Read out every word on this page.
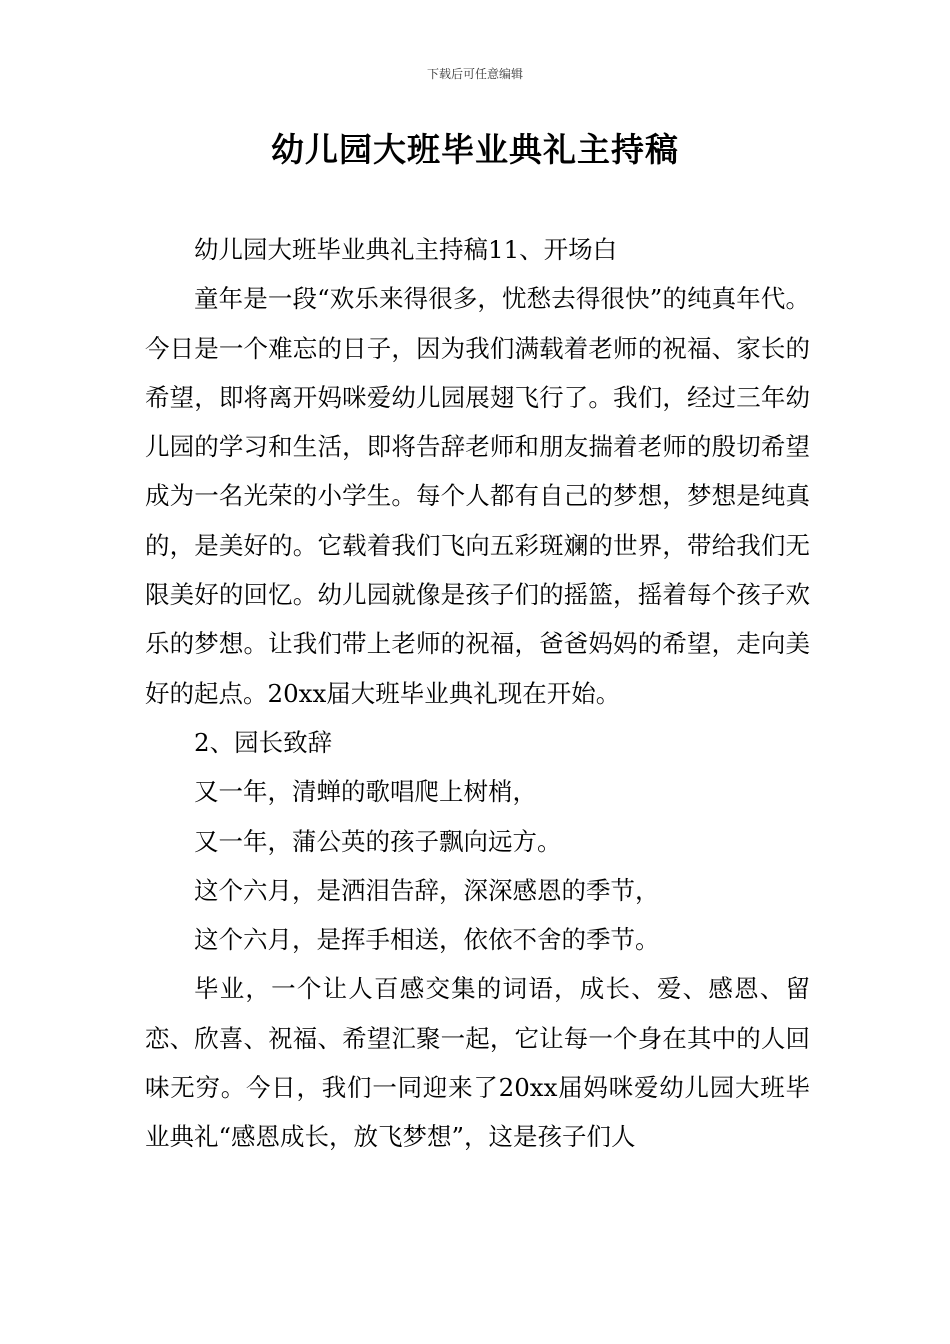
下载后可任意编辑
幼儿园大班毕业典礼主持稿

幼儿园大班毕业典礼主持稿11、开场白

童年是一段“欢乐来得很多，忧愁去得很快”的纯真年代。今日是一个难忘的日子，因为我们满载着老师的祝福、家长的希望，即将离开妈咪爱幼儿园展翅飞行了。我们，经过三年幼儿园的学习和生活，即将告辞老师和朋友揣着老师的殷切希望成为一名光荣的小学生。每个人都有自己的梦想，梦想是纯真的，是美好的。它载着我们飞向五彩斑斓的世界，带给我们无限美好的回忆。幼儿园就像是孩子们的摇篮，摇着每个孩子欢乐的梦想。让我们带上老师的祝福，爸爸妈妈的希望，走向美好的起点。20xx届大班毕业典礼现在开始。

2、园长致辞

又一年，清蝉的歌唱爬上树梢，

又一年，蒲公英的孩子飘向远方。

这个六月，是洒泪告辞，深深感恩的季节，

这个六月，是挥手相送，依依不舍的季节。

毕业，一个让人百感交集的词语，成长、爱、感恩、留恋、欣喜、祝福、希望汇聚一起，它让每一个身在其中的人回味无穷。今日，我们一同迎来了20xx届妈咪爱幼儿园大班毕业典礼“感恩成长，放飞梦想”，这是孩子们人
